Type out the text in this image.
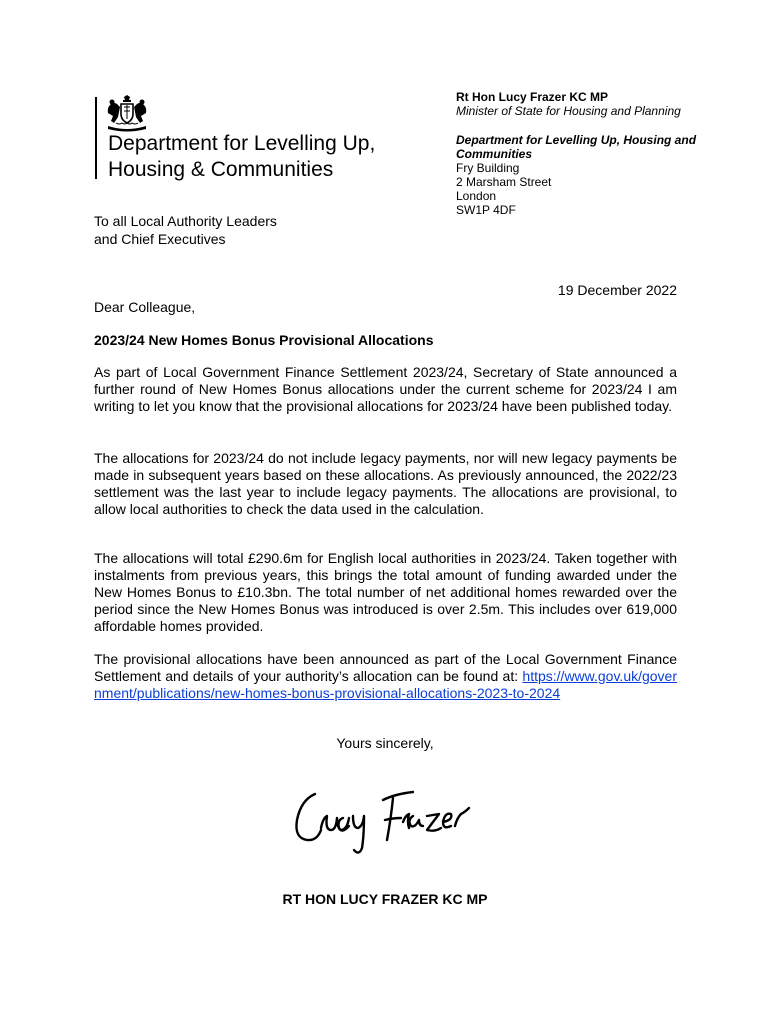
Department for Levelling Up,
Housing & Communities
Rt Hon Lucy Frazer KC MP
Minister of State for Housing and Planning
Department for Levelling Up, Housing and Communities
Fry Building
2 Marsham Street
London
SW1P 4DF
To all Local Authority Leaders
and Chief Executives
19 December 2022
Dear Colleague,
2023/24 New Homes Bonus Provisional Allocations
As part of Local Government Finance Settlement 2023/24, Secretary of State announced a further round of New Homes Bonus allocations under the current scheme for 2023/24 I am writing to let you know that the provisional allocations for 2023/24 have been published today.
The allocations for 2023/24 do not include legacy payments, nor will new legacy payments be made in subsequent years based on these allocations. As previously announced, the 2022/23 settlement was the last year to include legacy payments. The allocations are provisional, to allow local authorities to check the data used in the calculation.
The allocations will total £290.6m for English local authorities in 2023/24. Taken together with instalments from previous years, this brings the total amount of funding awarded under the New Homes Bonus to £10.3bn. The total number of net additional homes rewarded over the period since the New Homes Bonus was introduced is over 2.5m. This includes over 619,000 affordable homes provided.
The provisional allocations have been announced as part of the Local Government Finance Settlement and details of your authority’s allocation can be found at: https://www.gov.uk/government/publications/new-homes-bonus-provisional-allocations-2023-to-2024
Yours sincerely,
RT HON LUCY FRAZER KC MP
